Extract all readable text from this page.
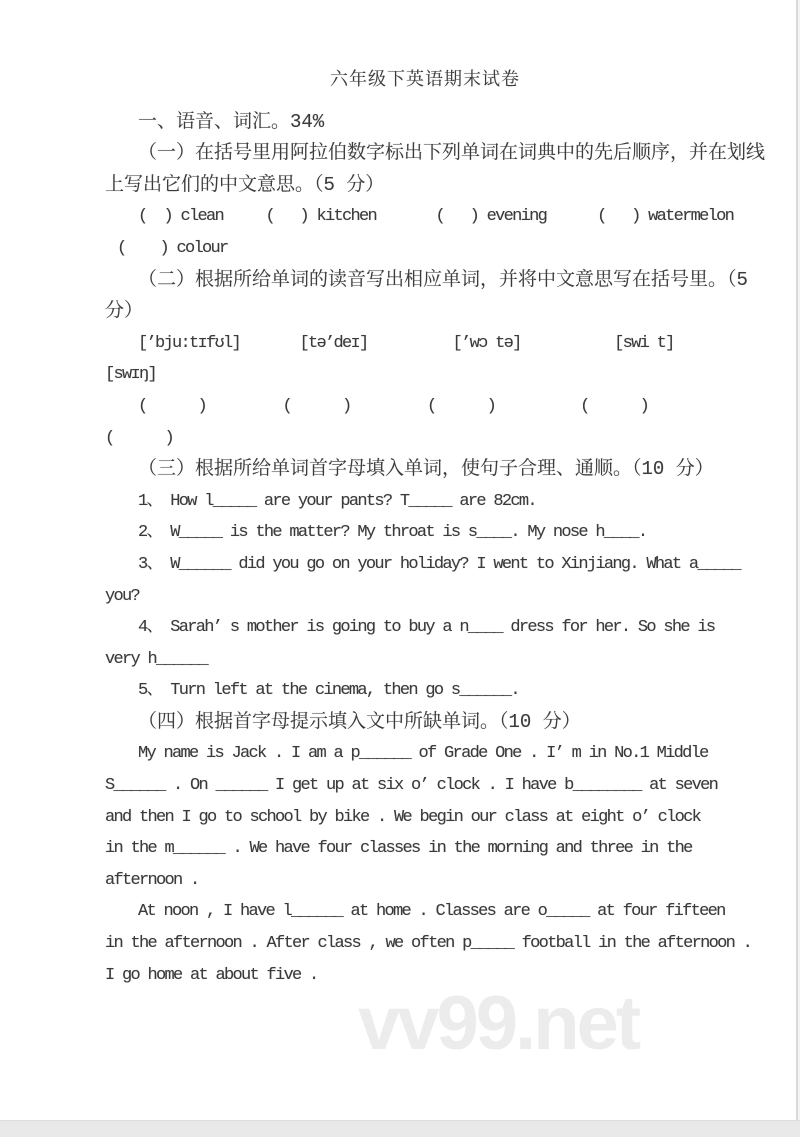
六年级下英语期末试卷
一、语音、词汇。34%
（一）在括号里用阿拉伯数字标出下列单词在词典中的先后顺序，并在划线
上写出它们的中文意思。（5 分）
(  ) clean     (   ) kitchen       (   ) evening      (   ) watermelon
(    ) colour
（二）根据所给单词的读音写出相应单词，并将中文意思写在括号里。（5
分）
[’bju:tɪfʊl]       [tə’deɪ]          [’wɔ tə]           [swi t]
[swɪŋ]
(      )         (      )         (      )          (      )
(      )
（三）根据所给单词首字母填入单词，使句子合理、通顺。（10 分）
1、 How l_____ are your pants? T_____ are 82cm.
2、 W_____ is the matter? My throat is s____. My nose h____.
3、 W______ did you go on your holiday? I went to Xinjiang. What a_____
you?
4、 Sarah’ s mother is going to buy a n____ dress for her. So she is
very h______
5、 Turn left at the cinema, then go s______.
（四）根据首字母提示填入文中所缺单词。（10 分）
My name is Jack . I am a p______ of Grade One . I’ m in No.1 Middle
S______ . On ______ I get up at six o’ clock . I have b________ at seven
and then I go to school by bike . We begin our class at eight o’ clock
in the m______ . We have four classes in the morning and three in the
afternoon .
At noon , I have l______ at home . Classes are o_____ at four fifteen
in the afternoon . After class , we often p_____ football in the afternoon .
I go home at about five .
vv99.net
